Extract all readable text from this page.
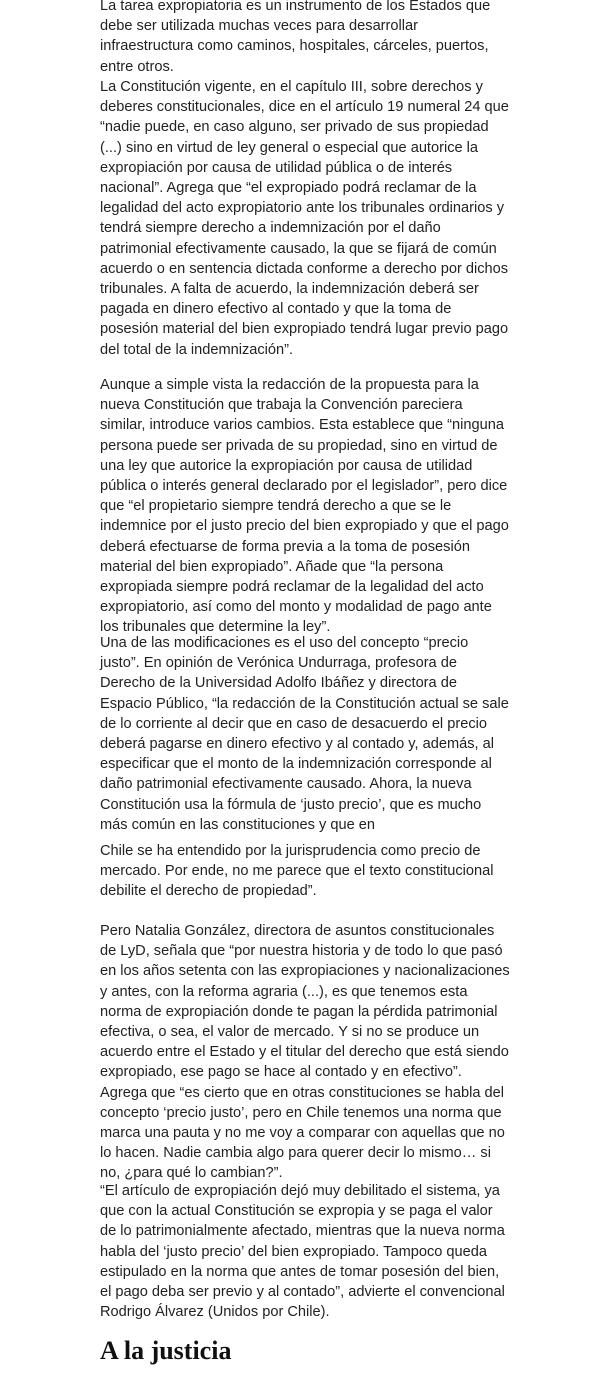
La tarea expropiatoria es un instrumento de los Estados que debe ser utilizada muchas veces para desarrollar infraestructura como caminos, hospitales, cárceles, puertos, entre otros.

La Constitución vigente, en el capítulo III, sobre derechos y deberes constitucionales, dice en el artículo 19 numeral 24 que “nadie puede, en caso alguno, ser privado de sus propiedad (...) sino en virtud de ley general o especial que autorice la expropiación por causa de utilidad pública o de interés nacional”. Agrega que “el expropiado podrá reclamar de la legalidad del acto expropiatorio ante los tribunales ordinarios y tendrá siempre derecho a indemnización por el daño patrimonial efectivamente causado, la que se fijará de común acuerdo o en sentencia dictada conforme a derecho por dichos tribunales. A falta de acuerdo, la indemnización deberá ser pagada en dinero efectivo al contado y que la toma de posesión material del bien expropiado tendrá lugar previo pago del total de la indemnización”.

Aunque a simple vista la redacción de la propuesta para la nueva Constitución que trabaja la Convención pareciera similar, introduce varios cambios. Esta establece que “ninguna persona puede ser privada de su propiedad, sino en virtud de una ley que autorice la expropiación por causa de utilidad pública o interés general declarado por el legislador”, pero dice que “el propietario siempre tendrá derecho a que se le indemnice por el justo precio del bien expropiado y que el pago deberá efectuarse de forma previa a la toma de posesión material del bien expropiado”. Añade que “la persona expropiada siempre podrá reclamar de la legalidad del acto expropiatorio, así como del monto y modalidad de pago ante los tribunales que determine la ley”.

Una de las modificaciones es el uso del concepto “precio justo”. En opinión de Verónica Undurraga, profesora de Derecho de la Universidad Adolfo Ibáñez y directora de Espacio Público, “la redacción de la Constitución actual se sale de lo corriente al decir que en caso de desacuerdo el precio deberá pagarse en dinero efectivo y al contado y, además, al especificar que el monto de la indemnización corresponde al daño patrimonial efectivamente causado. Ahora, la nueva Constitución usa la fórmula de ‘justo precio’, que es mucho más común en las constituciones y que en

Chile se ha entendido por la jurisprudencia como precio de mercado. Por ende, no me parece que el texto constitucional debilite el derecho de propiedad”.

Pero Natalia González, directora de asuntos constitucionales de LyD, señala que “por nuestra historia y de todo lo que pasó en los años setenta con las expropiaciones y nacionalizaciones y antes, con la reforma agraria (...), es que tenemos esta norma de expropiación donde te pagan la pérdida patrimonial efectiva, o sea, el valor de mercado. Y si no se produce un acuerdo entre el Estado y el titular del derecho que está siendo expropiado, ese pago se hace al contado y en efectivo”. Agrega que “es cierto que en otras constituciones se habla del concepto ‘precio justo’, pero en Chile tenemos una norma que marca una pauta y no me voy a comparar con aquellas que no lo hacen. Nadie cambia algo para querer decir lo mismo… si no, ¿para qué lo cambian?”.

“El artículo de expropiación dejó muy debilitado el sistema, ya que con la actual Constitución se expropia y se paga el valor de lo patrimonialmente afectado, mientras que la nueva norma habla del ‘justo precio’ del bien expropiado. Tampoco queda estipulado en la norma que antes de tomar posesión del bien, el pago deba ser previo y al contado”, advierte el convencional Rodrigo Álvarez (Unidos por Chile).

A la justicia
